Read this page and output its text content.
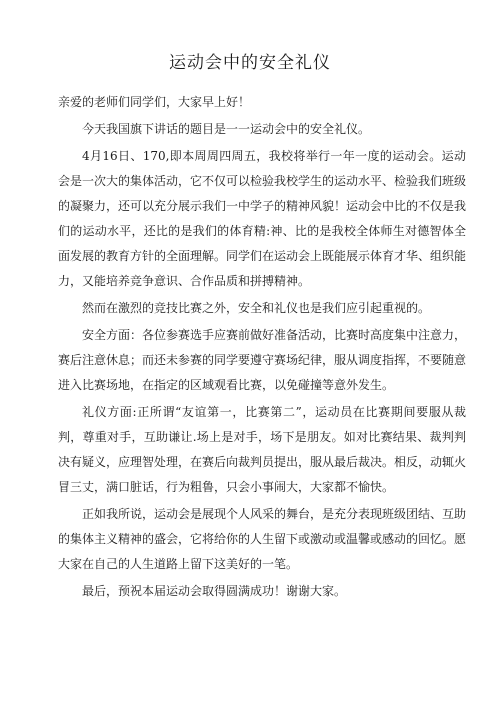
运动会中的安全礼仪

亲爱的老师们同学们，大家早上好！

今天我国旗下讲话的题目是一一运动会中的安全礼仪。

4月16日、170,即本周周四周五，我校将举行一年一度的运动会。运动会是一次大的集体活动，它不仅可以检验我校学生的运动水平、检验我们班级的凝聚力，还可以充分展示我们一中学子的精神风貌！运动会中比的不仅是我们的运动水平，还比的是我们的体育精:神、比的是我校全体师生对德智体全面发展的教育方针的全面理解。同学们在运动会上既能展示体育才华、组织能力，又能培养竞争意识、合作品质和拼搏精神。

然而在激烈的竞技比赛之外，安全和礼仪也是我们应引起重视的。

安全方面：各位参赛选手应赛前做好准备活动，比赛时高度集中注意力，赛后注意休息；而还未参赛的同学要遵守赛场纪律，服从调度指挥，不要随意进入比赛场地，在指定的区域观看比赛，以免碰撞等意外发生。

礼仪方面:正所谓“友谊第一，比赛第二”，运动员在比赛期间要服从裁判，尊重对手，互助谦让.场上是对手，场下是朋友。如对比赛结果、裁判判决有疑义，应理智处理，在赛后向裁判员提出，服从最后裁决。相反，动辄火冒三丈，满口脏话，行为粗鲁，只会小事闹大，大家都不愉快。

正如我所说，运动会是展现个人风采的舞台，是充分表现班级团结、互助的集体主义精神的盛会，它将给你的人生留下或激动或温馨或感动的回忆。愿大家在自己的人生道路上留下这美好的一笔。

最后，预祝本届运动会取得圆满成功！谢谢大家。
